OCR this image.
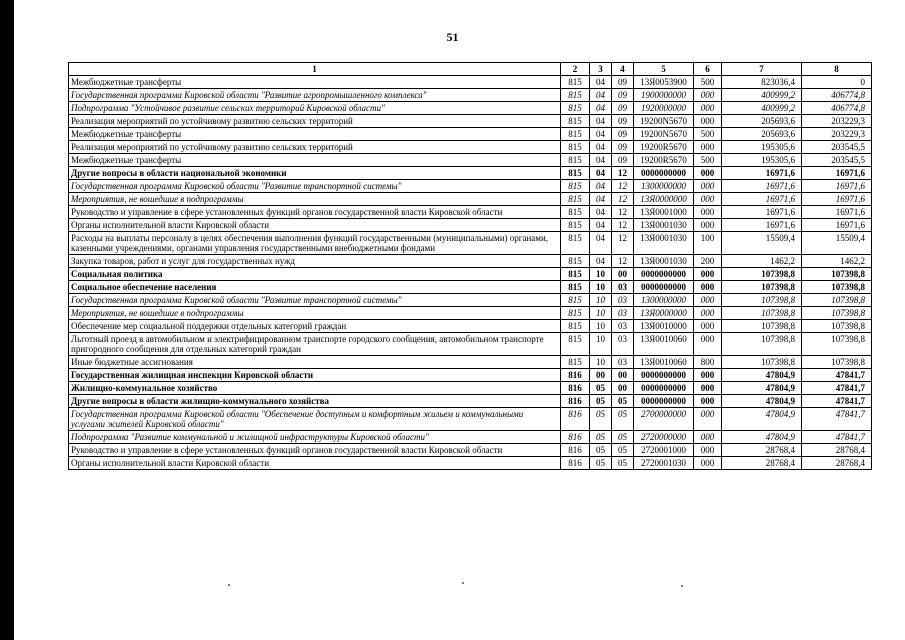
51
1	2	3	4	5	6	7	8
Межбюджетные трансферты	815	04	09	13Я0053900	500	823036,4	0
Государственная программа Кировской области "Развитие агропромышленного комплекса"	815	04	09	1900000000	000	400999,2	406774,8
Подпрограмма "Устойчивое развитие сельских территорий Кировской области"	815	04	09	1920000000	000	400999,2	406774,8
Реализация мероприятий по устойчивому развитию сельских территорий	815	04	09	19200N5670	000	205693,6	203229,3
Межбюджетные трансферты	815	04	09	19200N5670	500	205693,6	203229,3
Реализация мероприятий по устойчивому развитию сельских территорий	815	04	09	19200R5670	000	195305,6	203545,5
Межбюджетные трансферты	815	04	09	19200R5670	500	195305,6	203545,5
Другие вопросы в области национальной экономики	815	04	12	0000000000	000	16971,6	16971,6
Государственная программа Кировской области "Развитие транспортной системы"	815	04	12	1300000000	000	16971,6	16971,6
Мероприятия, не вошедшие в подпрограммы	815	04	12	13Я0000000	000	16971,6	16971,6
Руководство и управление в сфере установленных функций органов государственной власти Кировской области	815	04	12	13Я0001000	000	16971,6	16971,6
Органы исполнительной власти Кировской области	815	04	12	13Я0001030	000	16971,6	16971,6
Расходы на выплаты персоналу в целях обеспечения выполнения функций государственными (муниципальными) органами, казенными учреждениями, органами управления государственными внебюджетными фондами	815	04	12	13Я0001030	100	15509,4	15509,4
Закупка товаров, работ и услуг для государственных нужд	815	04	12	13Я0001030	200	1462,2	1462,2
Социальная политика	815	10	00	0000000000	000	107398,8	107398,8
Социальное обеспечение населения	815	10	03	0000000000	000	107398,8	107398,8
Государственная программа Кировской области "Развитие транспортной системы"	815	10	03	1300000000	000	107398,8	107398,8
Мероприятия, не вошедшие в подпрограммы	815	10	03	13Я0000000	000	107398,8	107398,8
Обеспечение мер социальной поддержки отдельных категорий граждан	815	10	03	13Я0010000	000	107398,8	107398,8
Льготный проезд в автомобильном и электрифицированном транспорте городского сообщения, автомобильном транспорте пригородного сообщения для отдельных категорий граждан	815	10	03	13Я0010060	000	107398,8	107398,8
Иные бюджетные ассигнования	815	10	03	13Я0010060	800	107398,8	107398,8
Государственная жилищная инспекция Кировской области	816	00	00	0000000000	000	47804,9	47841,7
Жилищно-коммунальное хозяйство	816	05	00	0000000000	000	47804,9	47841,7
Другие вопросы в области жилищно-коммунального хозяйства	816	05	05	0000000000	000	47804,9	47841,7
Государственная программа Кировской области "Обеспечение доступным и комфортным жильем и коммунальными услугами жителей Кировской области"	816	05	05	2700000000	000	47804,9	47841,7
Подпрограмма "Развитие коммунальной и жилищной инфраструктуры Кировской области"	816	05	05	2720000000	000	47804,9	47841,7
Руководство и управление в сфере установленных функций органов государственной власти Кировской области	816	05	05	2720001000	000	28768,4	28768,4
Органы исполнительной власти Кировской области	816	05	05	2720001030	000	28768,4	28768,4
